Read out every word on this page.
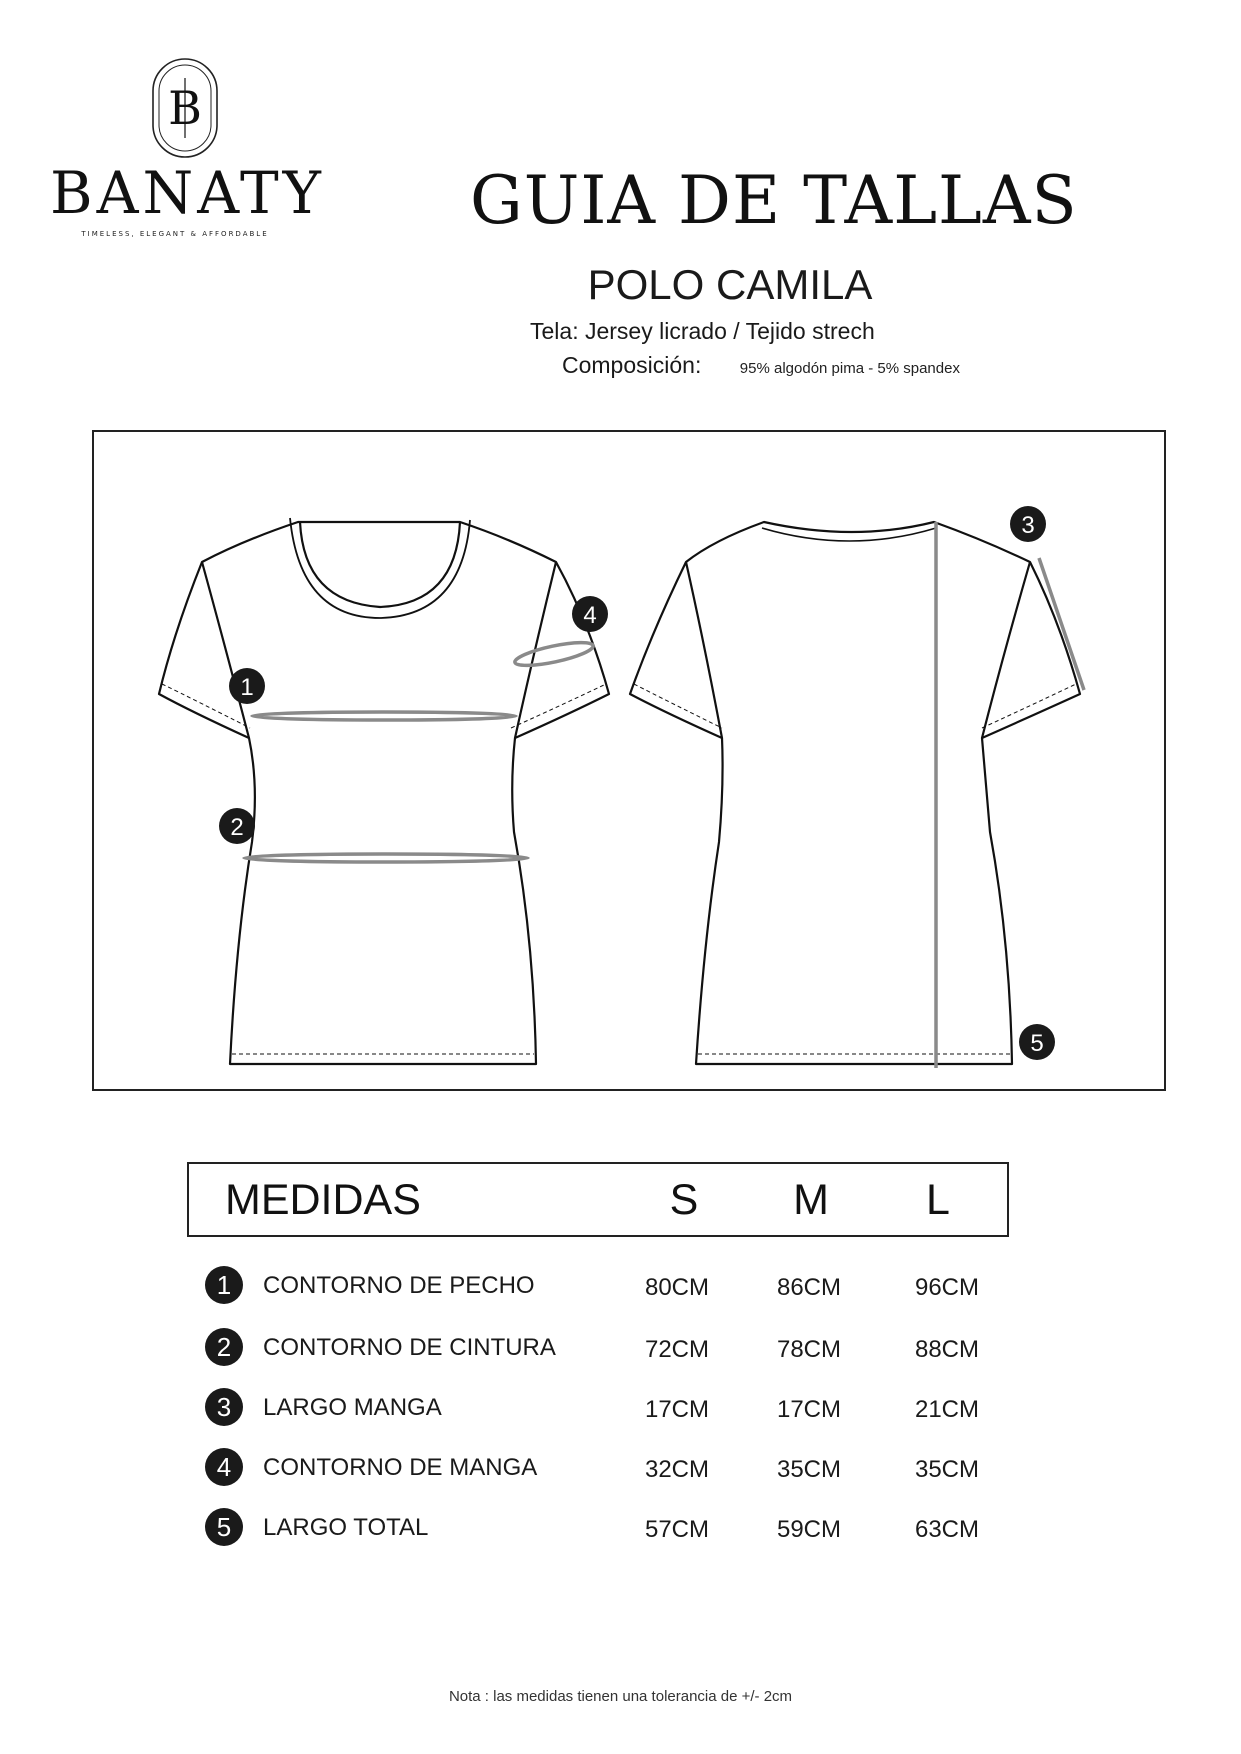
B
BANATY
TIMELESS, ELEGANT & AFFORDABLE	GUIA DE TALLAS
POLO CAMILA
Tela: Jersey licrado / Tejido strech
Composición:	95% algodón pima - 5% spandex
1
2
3
4
5
MEDIDAS	S	M	L
1	CONTORNO DE PECHO	80CM	86CM	96CM
2	CONTORNO DE CINTURA	72CM	78CM	88CM
3	LARGO MANGA	17CM	17CM	21CM
4	CONTORNO DE MANGA	32CM	35CM	35CM
5	LARGO TOTAL	57CM	59CM	63CM
Nota : las medidas tienen una tolerancia de +/- 2cm
